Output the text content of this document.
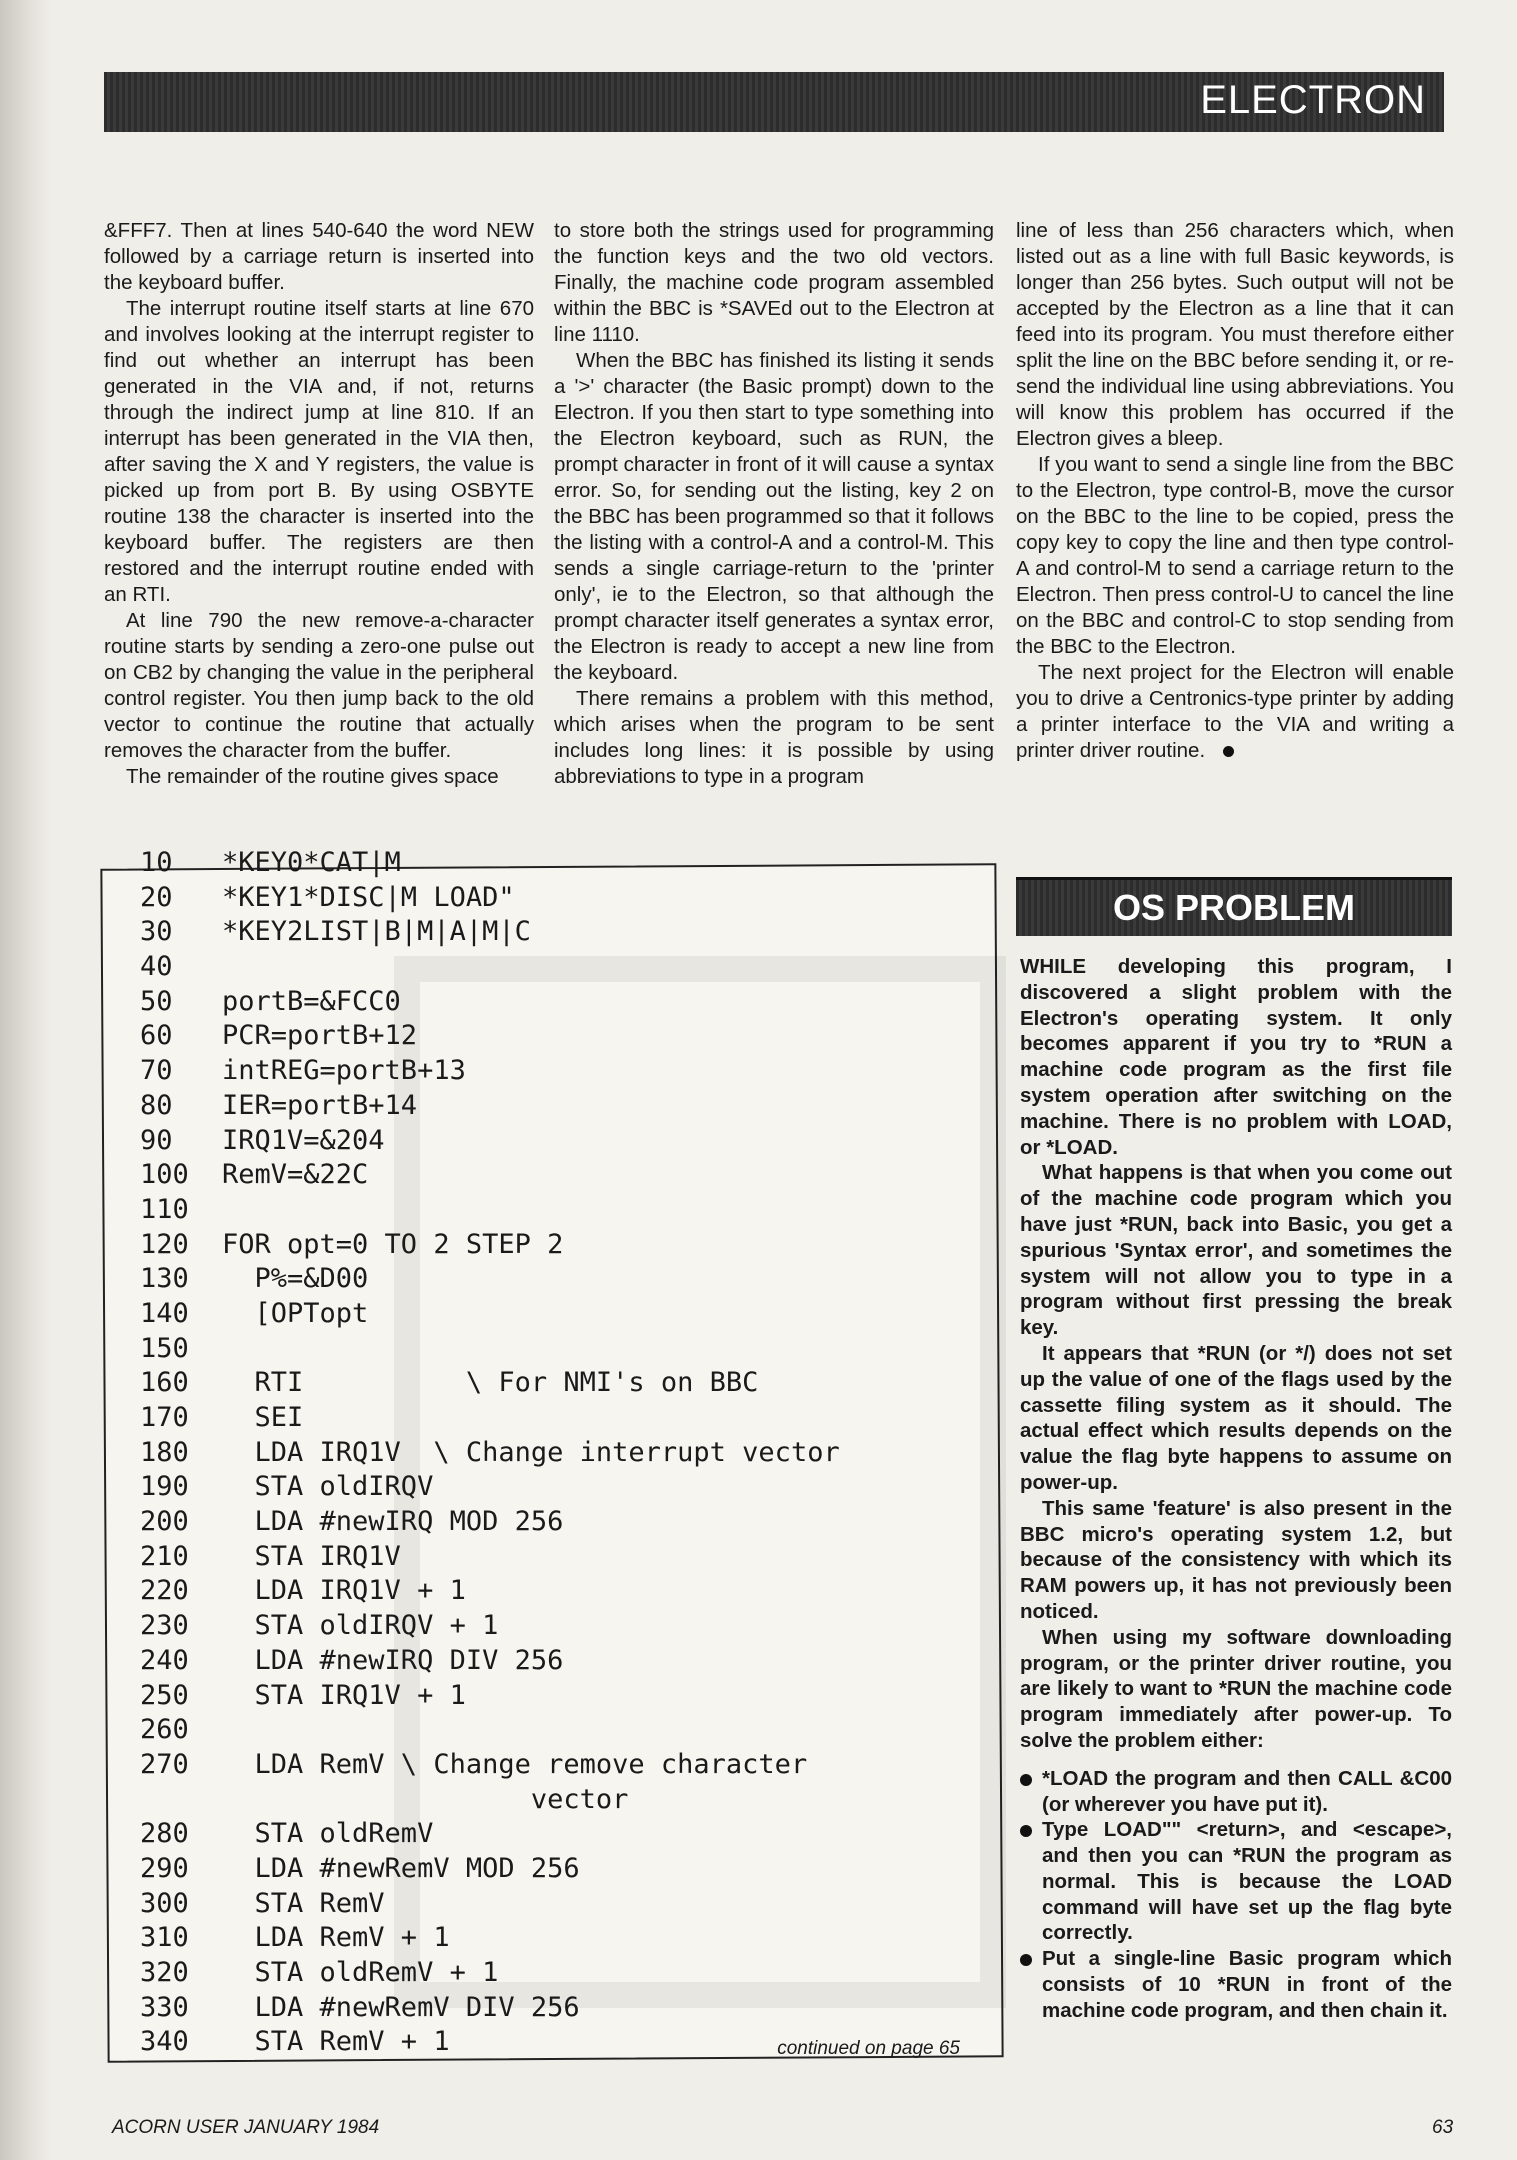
ELECTRON

&FFF7. Then at lines 540-640 the word NEW followed by a carriage return is inserted into the keyboard buffer.

The interrupt routine itself starts at line 670 and involves looking at the interrupt register to find out whether an interrupt has been generated in the VIA and, if not, returns through the indirect jump at line 810. If an interrupt has been generated in the VIA then, after saving the X and Y registers, the value is picked up from port B. By using OSBYTE routine 138 the character is inserted into the keyboard buffer. The registers are then restored and the interrupt routine ended with an RTI.

At line 790 the new remove-a-character routine starts by sending a zero-one pulse out on CB2 by changing the value in the peripheral control register. You then jump back to the old vector to continue the routine that actually removes the character from the buffer.

The remainder of the routine gives space

to store both the strings used for programming the function keys and the two old vectors. Finally, the machine code program assembled within the BBC is *SAVEd out to the Electron at line 1110.

When the BBC has finished its listing it sends a '>' character (the Basic prompt) down to the Electron. If you then start to type something into the Electron keyboard, such as RUN, the prompt character in front of it will cause a syntax error. So, for sending out the listing, key 2 on the BBC has been programmed so that it follows the listing with a control-A and a control-M. This sends a single carriage-return to the 'printer only', ie to the Electron, so that although the prompt character itself generates a syntax error, the Electron is ready to accept a new line from the keyboard.

There remains a problem with this method, which arises when the program to be sent includes long lines: it is possible by using abbreviations to type in a program

line of less than 256 characters which, when listed out as a line with full Basic keywords, is longer than 256 bytes. Such output will not be accepted by the Electron as a line that it can feed into its program. You must therefore either split the line on the BBC before sending it, or re-send the individual line using abbreviations. You will know this problem has occurred if the Electron gives a bleep.

If you want to send a single line from the BBC to the Electron, type control-B, move the cursor on the BBC to the line to be copied, press the copy key to copy the line and then type control-A and control-M to send a carriage return to the Electron. Then press control-U to cancel the line on the BBC and control-C to stop sending from the BBC to the Electron.

The next project for the Electron will enable you to drive a Centronics-type printer by adding a printer interface to the VIA and writing a printer driver routine.

10 *KEY0*CAT|M
20 *KEY1*DISC|M LOAD"
30 *KEY2LIST|B|M|A|M|C
40
50 portB=&FCC0
60 PCR=portB+12
70 intREG=portB+13
80 IER=portB+14
90 IRQ1V=&204
100 RemV=&22C
110
120 FOR opt=0 TO 2 STEP 2
130  P%=&D00
140  [OPTopt
150
160  RTI          \ For NMI's on BBC
170  SEI
180  LDA IRQ1V  \ Change interrupt vector
190  STA oldIRQV
200  LDA #newIRQ MOD 256
210  STA IRQ1V
220  LDA IRQ1V + 1
230  STA oldIRQV + 1
240  LDA #newIRQ DIV 256
250  STA IRQ1V + 1
260
270  LDA RemV \ Change remove character
vector
280  STA oldRemV
290  LDA #newRemV MOD 256
300  STA RemV
310  LDA RemV + 1
320  STA oldRemV + 1
330  LDA #newRemV DIV 256
340  STA RemV + 1	continued on page 65
OS PROBLEM

WHILE developing this program, I discovered a slight problem with the Electron's operating system. It only becomes apparent if you try to *RUN a machine code program as the first file system operation after switching on the machine. There is no problem with LOAD, or *LOAD.

What happens is that when you come out of the machine code program which you have just *RUN, back into Basic, you get a spurious 'Syntax error', and sometimes the system will not allow you to type in a program without first pressing the break key.

It appears that *RUN (or */) does not set up the value of one of the flags used by the cassette filing system as it should. The actual effect which results depends on the value the flag byte happens to assume on power-up.

This same 'feature' is also present in the BBC micro's operating system 1.2, but because of the consistency with which its RAM powers up, it has not previously been noticed.

When using my software downloading program, or the printer driver routine, you are likely to want to *RUN the machine code program immediately after power-up. To solve the problem either:

*LOAD the program and then CALL &C00 (or wherever you have put it).
Type LOAD"" <return>, and <escape>, and then you can *RUN the program as normal. This is because the LOAD command will have set up the flag byte correctly.
Put a single-line Basic program which consists of 10 *RUN in front of the machine code program, and then chain it.
ACORN USER JANUARY 1984	63
